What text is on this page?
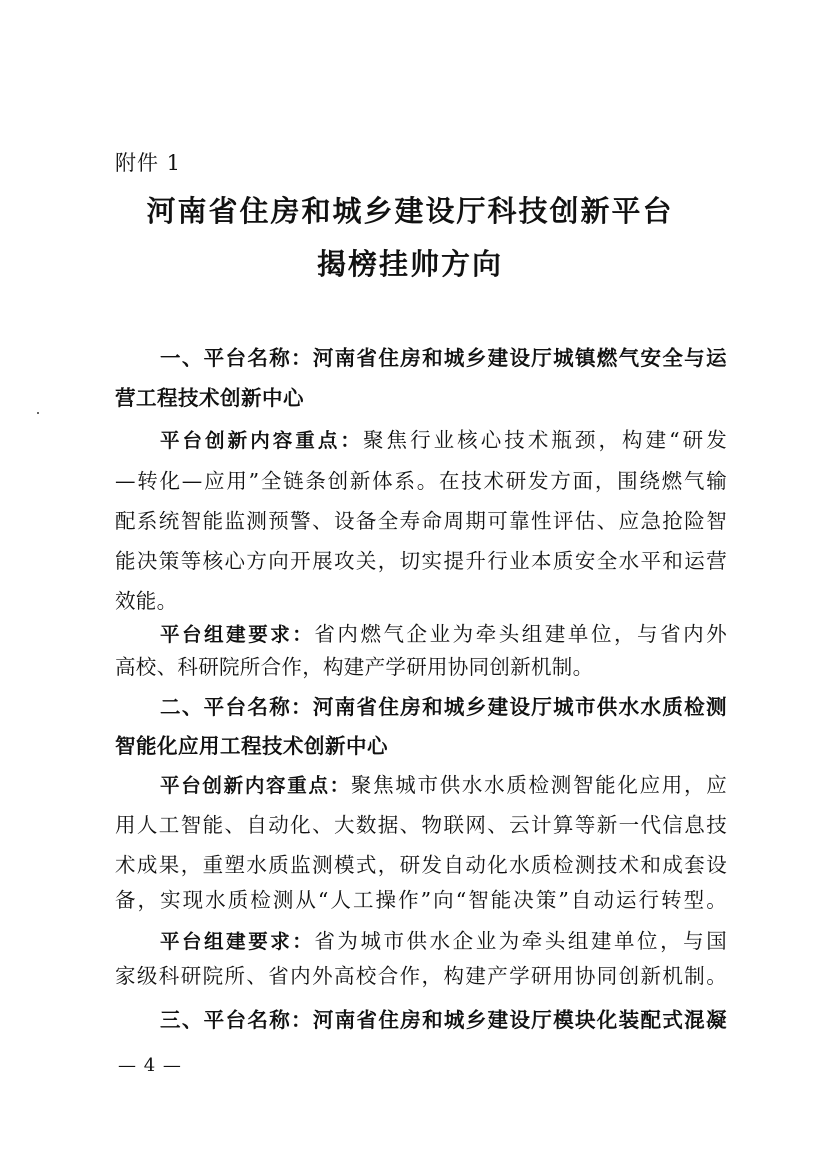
附件 1
河南省住房和城乡建设厅科技创新平台
揭榜挂帅方向
一、平台名称：河南省住房和城乡建设厅城镇燃气安全与运
营工程技术创新中心
平台创新内容重点：聚焦行业核心技术瓶颈，构建“研发
—转化—应用”全链条创新体系。在技术研发方面，围绕燃气输
配系统智能监测预警、设备全寿命周期可靠性评估、应急抢险智
能决策等核心方向开展攻关，切实提升行业本质安全水平和运营
效能。
平台组建要求：省内燃气企业为牵头组建单位，与省内外
高校、科研院所合作，构建产学研用协同创新机制。
二、平台名称：河南省住房和城乡建设厅城市供水水质检测
智能化应用工程技术创新中心
平台创新内容重点：聚焦城市供水水质检测智能化应用，应
用人工智能、自动化、大数据、物联网、云计算等新一代信息技
术成果，重塑水质监测模式，研发自动化水质检测技术和成套设
备，实现水质检测从“人工操作”向“智能决策”自动运行转型。
平台组建要求：省为城市供水企业为牵头组建单位，与国
家级科研院所、省内外高校合作，构建产学研用协同创新机制。
三、平台名称：河南省住房和城乡建设厅模块化装配式混凝
— 4 —
